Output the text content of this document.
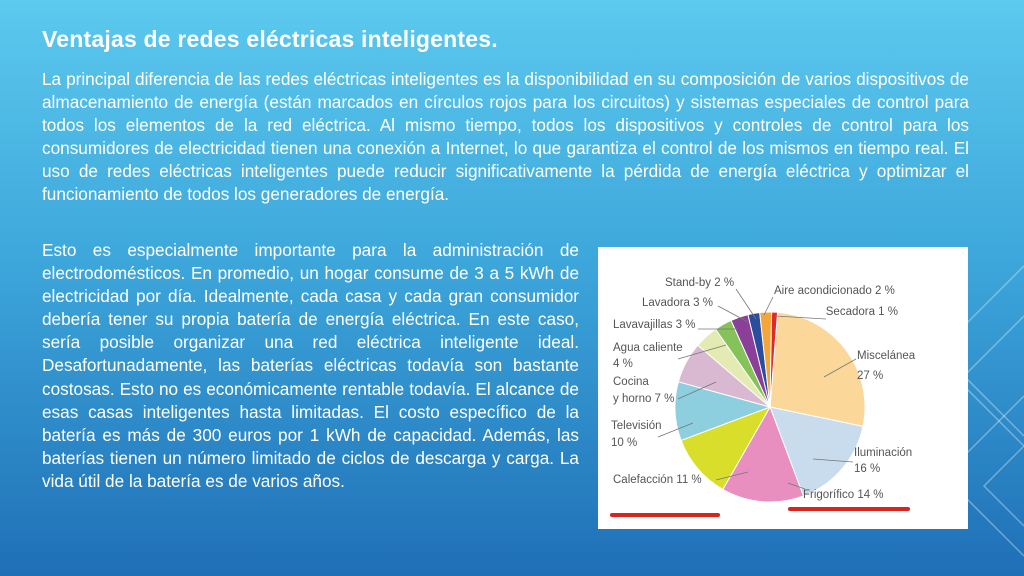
Ventajas de redes eléctricas inteligentes.
La principal diferencia de las redes eléctricas inteligentes es la disponibilidad en su composición de varios dispositivos de almacenamiento de energía (están marcados en círculos rojos para los circuitos) y sistemas especiales de control para todos los elementos de la red eléctrica. Al mismo tiempo, todos los dispositivos y controles de control para los consumidores de electricidad tienen una conexión a Internet, lo que garantiza el control de los mismos en tiempo real. El uso de redes eléctricas inteligentes puede reducir significativamente la pérdida de energía eléctrica y optimizar el funcionamiento de todos los generadores de energía.
Esto es especialmente importante para la administración de electrodomésticos. En promedio, un hogar consume de 3 a 5 kWh de electricidad por día. Idealmente, cada casa y cada gran consumidor debería tener su propia batería de energía eléctrica. En este caso, sería posible organizar una red eléctrica inteligente ideal. Desafortunadamente, las baterías eléctricas todavía son bastante costosas. Esto no es económicamente rentable todavía. El alcance de esas casas inteligentes hasta limitadas. El costo específico de la batería es más de 300 euros por 1 kWh de capacidad. Además, las baterías tienen un número limitado de ciclos de descarga y carga. La vida útil de la batería es de varios años.
Miscelánea
27 %
Iluminación
16 %
Frigorífico 14 %
Calefacción 11 %
Televisión
10 %
Cocina
y horno 7 %
Agua caliente
4 %
Lavavajillas 3 %
Lavadora 3 %
Stand-by 2 %
Aire acondicionado 2 %
Secadora 1 %
